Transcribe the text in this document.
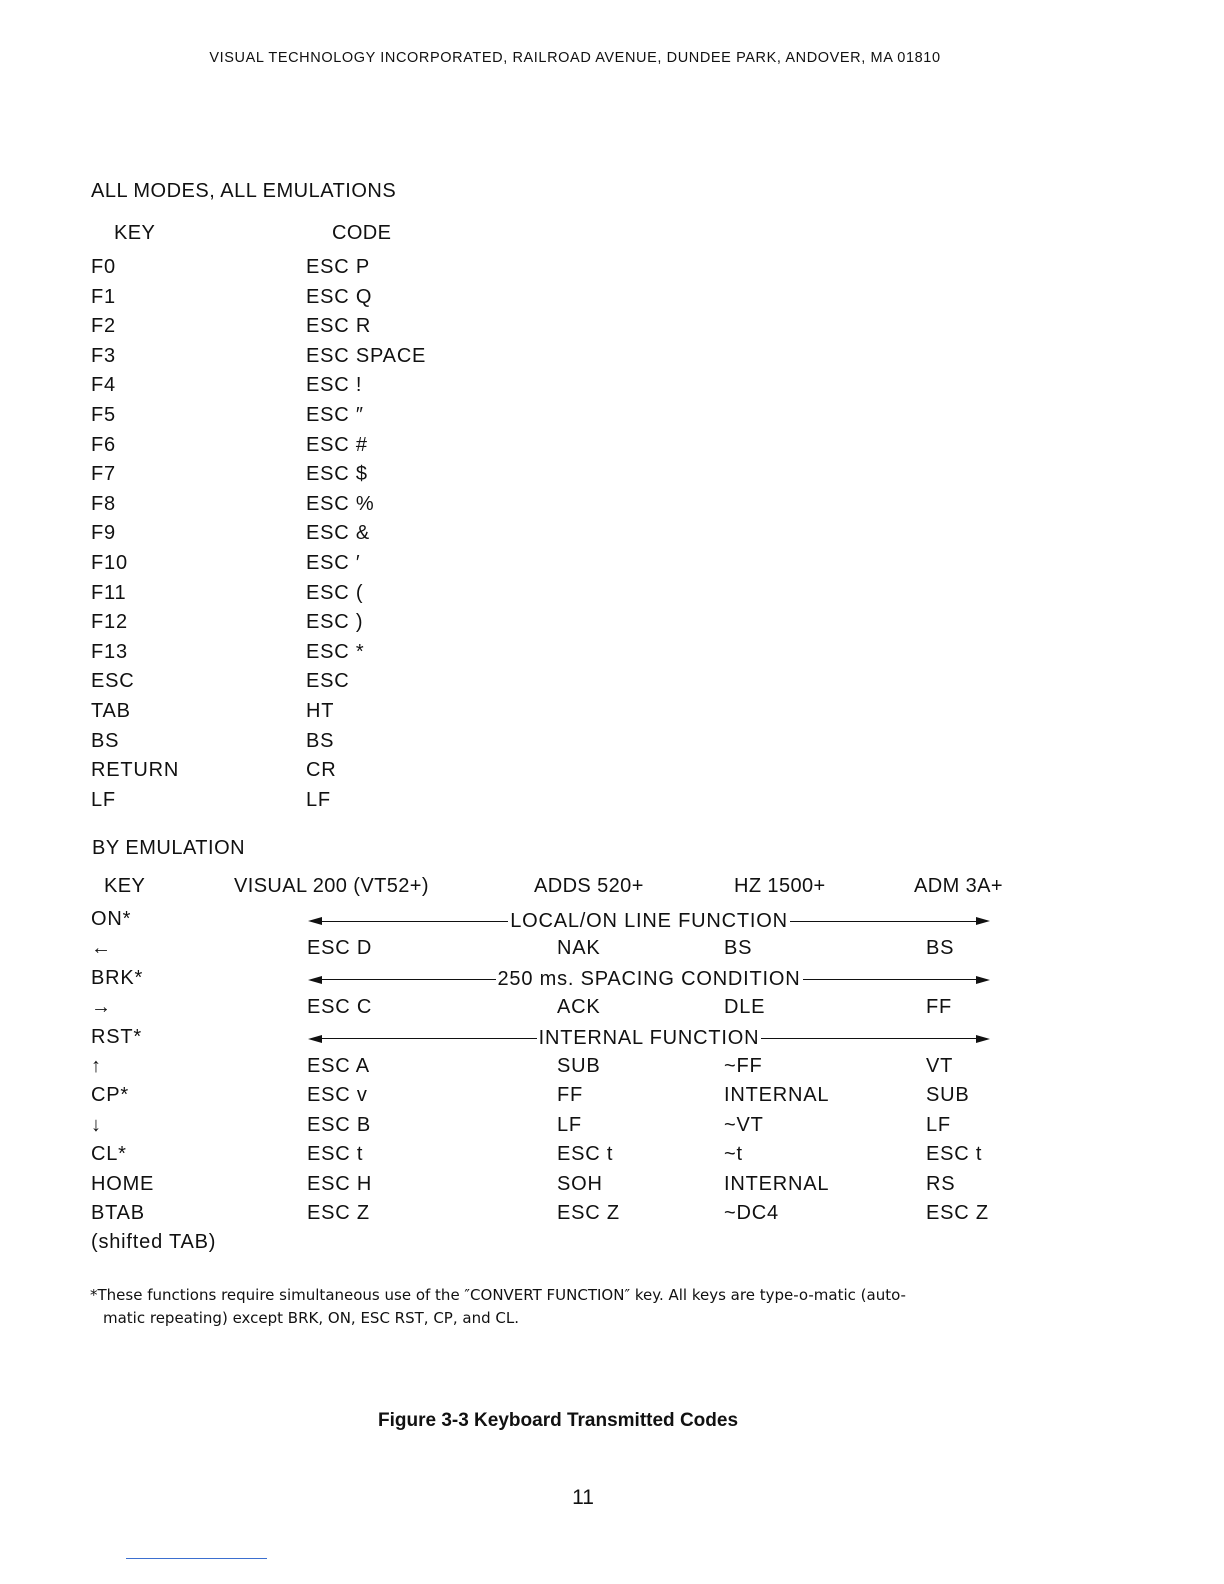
VISUAL TECHNOLOGY INCORPORATED, RAILROAD AVENUE, DUNDEE PARK, ANDOVER, MA 01810
ALL MODES, ALL EMULATIONS
KEY	CODE
F0	ESC P
F1	ESC Q
F2	ESC R
F3	ESC SPACE
F4	ESC !
F5	ESC ″
F6	ESC #
F7	ESC $
F8	ESC %
F9	ESC &
F10	ESC ′
F11	ESC (
F12	ESC )
F13	ESC *
ESC	ESC
TAB	HT
BS	BS
RETURN	CR
LF	LF
BY EMULATION
KEY	VISUAL 200 (VT52+)	ADDS 520+	HZ 1500+	ADM 3A+
ON*	LOCAL/ON LINE FUNCTION
←	ESC D	NAK	BS	BS
BRK*	250 ms. SPACING CONDITION
→	ESC C	ACK	DLE	FF
RST*	INTERNAL FUNCTION
↑	ESC A	SUB	~FF	VT
CP*	ESC v	FF	INTERNAL	SUB
↓	ESC B	LF	~VT	LF
CL*	ESC t	ESC t	~t	ESC t
HOME	ESC H	SOH	INTERNAL	RS
BTAB	ESC Z	ESC Z	~DC4	ESC Z
(shifted TAB)
*These functions require simultaneous use of the ″CONVERT FUNCTION″ key. All keys are type-o-matic (auto-
matic repeating) except BRK, ON, ESC RST, CP, and CL.
Figure 3-3 Keyboard Transmitted Codes
11
